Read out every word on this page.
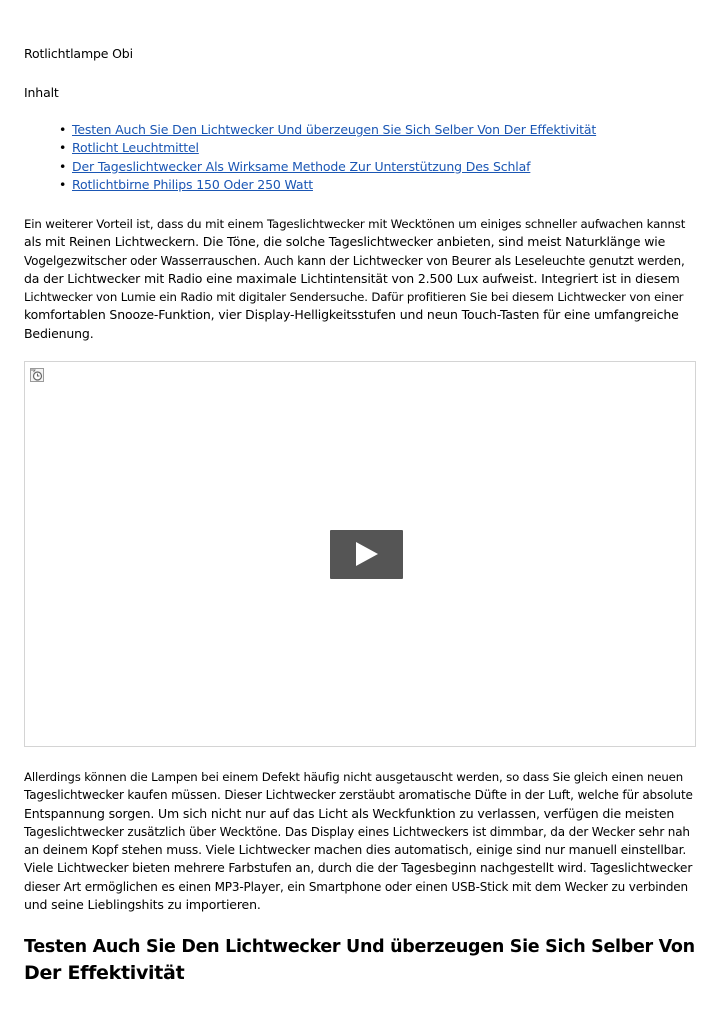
Rotlichtlampe Obi
Inhalt
• Testen Auch Sie Den Lichtwecker Und überzeugen Sie Sich Selber Von Der Effektivität
• Rotlicht Leuchtmittel
• Der Tageslichtwecker Als Wirksame Methode Zur Unterstützung Des Schlaf
• Rotlichtbirne Philips 150 Oder 250 Watt
Ein weiterer Vorteil ist, dass du mit einem Tageslichtwecker mit Wecktönen um einiges schneller aufwachen kannst
als mit Reinen Lichtweckern. Die Töne, die solche Tageslichtwecker anbieten, sind meist Naturklänge wie
Vogelgezwitscher oder Wasserrauschen. Auch kann der Lichtwecker von Beurer als Leseleuchte genutzt werden,
da der Lichtwecker mit Radio eine maximale Lichtintensität von 2.500 Lux aufweist. Integriert ist in diesem
Lichtwecker von Lumie ein Radio mit digitaler Sendersuche. Dafür profitieren Sie bei diesem Lichtwecker von einer
komfortablen Snooze-Funktion, vier Display-Helligkeitsstufen und neun Touch-Tasten für eine umfangreiche
Bedienung.
Allerdings können die Lampen bei einem Defekt häufig nicht ausgetauscht werden, so dass Sie gleich einen neuen
Tageslichtwecker kaufen müssen. Dieser Lichtwecker zerstäubt aromatische Düfte in der Luft, welche für absolute
Entspannung sorgen. Um sich nicht nur auf das Licht als Weckfunktion zu verlassen, verfügen die meisten
Tageslichtwecker zusätzlich über Wecktöne. Das Display eines Lichtweckers ist dimmbar, da der Wecker sehr nah
an deinem Kopf stehen muss. Viele Lichtwecker machen dies automatisch, einige sind nur manuell einstellbar.
Viele Lichtwecker bieten mehrere Farbstufen an, durch die der Tagesbeginn nachgestellt wird. Tageslichtwecker
dieser Art ermöglichen es einen MP3-Player, ein Smartphone oder einen USB-Stick mit dem Wecker zu verbinden
und seine Lieblingshits zu importieren.
Testen Auch Sie Den Lichtwecker Und überzeugen Sie Sich Selber Von
Der Effektivität
